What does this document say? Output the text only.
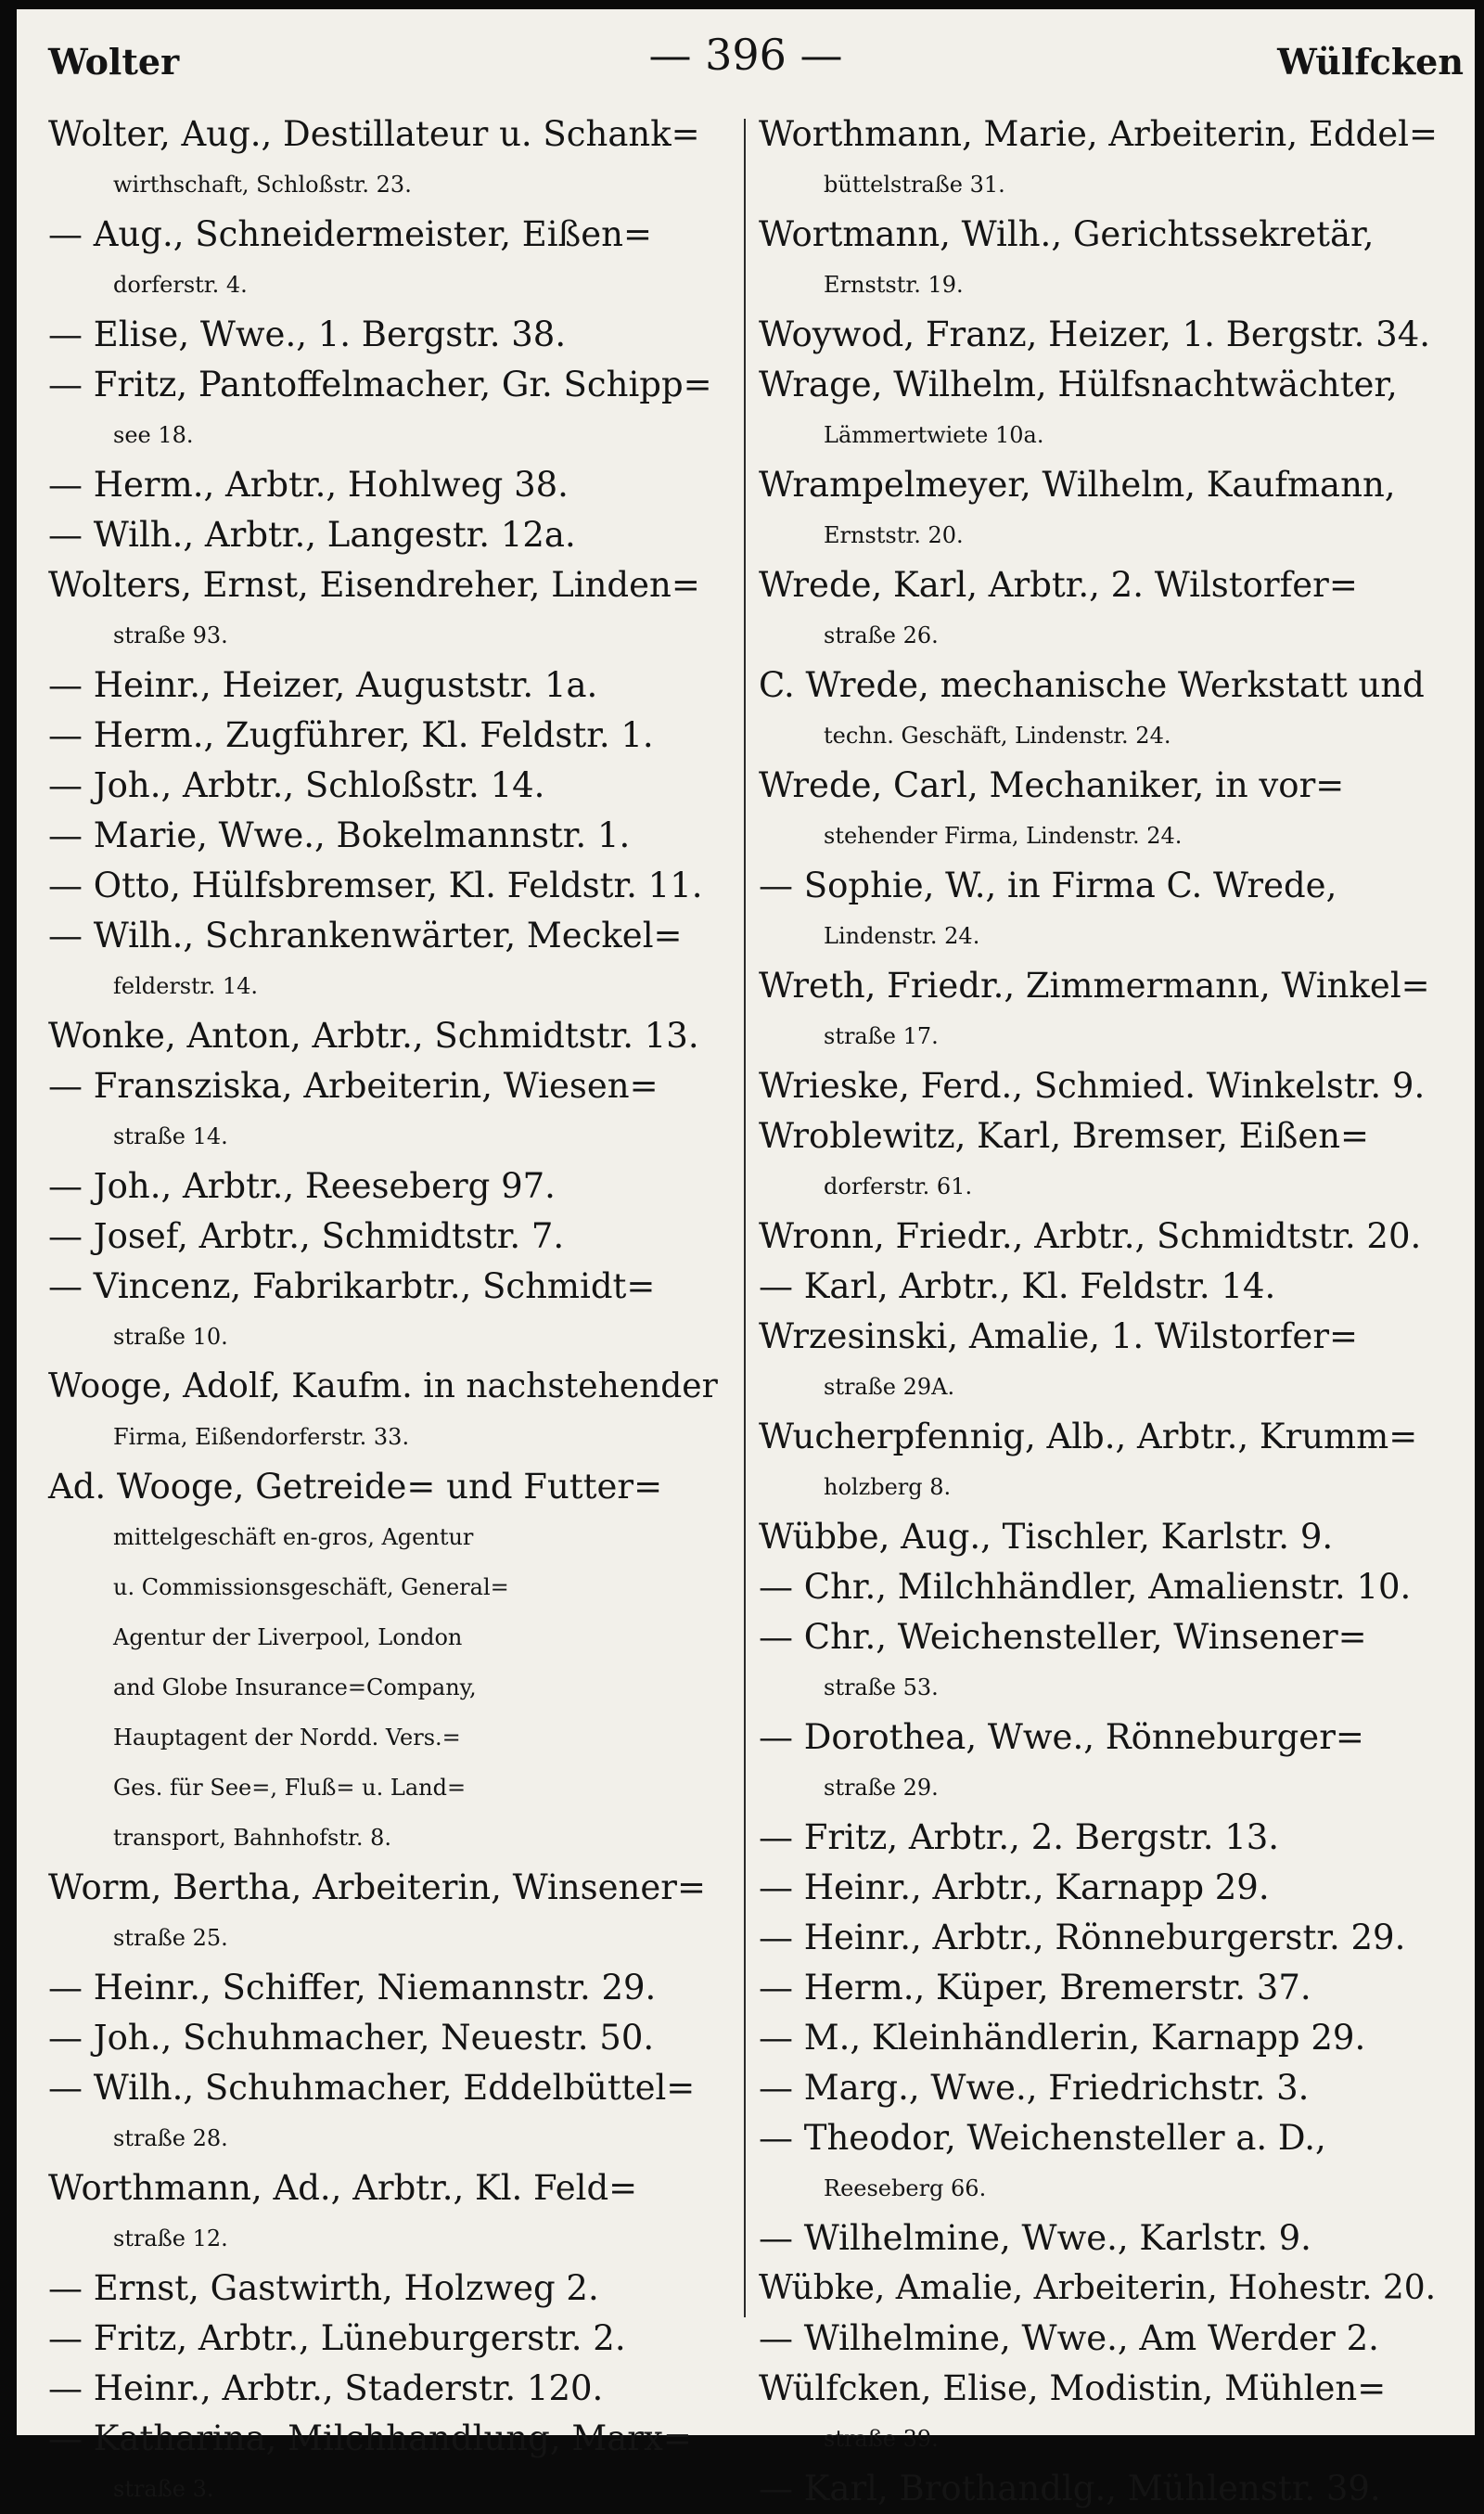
Wolter	— 396 —	Wülfcken

Wolter, Aug., Destillateur u. Schank=
wirthschaft, Schloßstr. 23.

— Aug., Schneidermeister, Eißen=
dorferstr. 4.

— Elise, Wwe., 1. Bergstr. 38.

— Fritz, Pantoffelmacher, Gr. Schipp=
see 18.

— Herm., Arbtr., Hohlweg 38.

— Wilh., Arbtr., Langestr. 12a.

Wolters, Ernst, Eisendreher, Linden=
straße 93.

— Heinr., Heizer, Auguststr. 1a.

— Herm., Zugführer, Kl. Feldstr. 1.

— Joh., Arbtr., Schloßstr. 14.

— Marie, Wwe., Bokelmannstr. 1.

— Otto, Hülfsbremser, Kl. Feldstr. 11.

— Wilh., Schrankenwärter, Meckel=
felderstr. 14.

Wonke, Anton, Arbtr., Schmidtstr. 13.

— Fransziska, Arbeiterin, Wiesen=
straße 14.

— Joh., Arbtr., Reeseberg 97.

— Josef, Arbtr., Schmidtstr. 7.

— Vincenz, Fabrikarbtr., Schmidt=
straße 10.

Wooge, Adolf, Kaufm. in nachstehender
Firma, Eißendorferstr. 33.

Ad. Wooge, Getreide= und Futter=
mittelgeschäft en-gros, Agentur
u. Commissionsgeschäft, General=
Agentur der Liverpool, London
and Globe Insurance=Company,
Hauptagent der Nordd. Vers.=
Ges. für See=, Fluß= u. Land=
transport, Bahnhofstr. 8.

Worm, Bertha, Arbeiterin, Winsener=
straße 25.

— Heinr., Schiffer, Niemannstr. 29.

— Joh., Schuhmacher, Neuestr. 50.

— Wilh., Schuhmacher, Eddelbüttel=
straße 28.

Worthmann, Ad., Arbtr., Kl. Feld=
straße 12.

— Ernst, Gastwirth, Holzweg 2.

— Fritz, Arbtr., Lüneburgerstr. 2.

— Heinr., Arbtr., Staderstr. 120.

— Katharina, Milchhandlung, Marx=
straße 3.

Worthmann, Marie, Arbeiterin, Eddel=
büttelstraße 31.

Wortmann, Wilh., Gerichtssekretär,
Ernststr. 19.

Woywod, Franz, Heizer, 1. Bergstr. 34.

Wrage, Wilhelm, Hülfsnachtwächter,
Lämmertwiete 10a.

Wrampelmeyer, Wilhelm, Kaufmann,
Ernststr. 20.

Wrede, Karl, Arbtr., 2. Wilstorfer=
straße 26.

C. Wrede, mechanische Werkstatt und
techn. Geschäft, Lindenstr. 24.

Wrede, Carl, Mechaniker, in vor=
stehender Firma, Lindenstr. 24.

— Sophie, W., in Firma C. Wrede,
Lindenstr. 24.

Wreth, Friedr., Zimmermann, Winkel=
straße 17.

Wrieske, Ferd., Schmied. Winkelstr. 9.

Wroblewitz, Karl, Bremser, Eißen=
dorferstr. 61.

Wronn, Friedr., Arbtr., Schmidtstr. 20.

— Karl, Arbtr., Kl. Feldstr. 14.

Wrzesinski, Amalie, 1. Wilstorfer=
straße 29A.

Wucherpfennig, Alb., Arbtr., Krumm=
holzberg 8.

Wübbe, Aug., Tischler, Karlstr. 9.

— Chr., Milchhändler, Amalienstr. 10.

— Chr., Weichensteller, Winsener=
straße 53.

— Dorothea, Wwe., Rönneburger=
straße 29.

— Fritz, Arbtr., 2. Bergstr. 13.

— Heinr., Arbtr., Karnapp 29.

— Heinr., Arbtr., Rönneburgerstr. 29.

— Herm., Küper, Bremerstr. 37.

— M., Kleinhändlerin, Karnapp 29.

— Marg., Wwe., Friedrichstr. 3.

— Theodor, Weichensteller a. D.,
Reeseberg 66.

— Wilhelmine, Wwe., Karlstr. 9.

Wübke, Amalie, Arbeiterin, Hohestr. 20.

— Wilhelmine, Wwe., Am Werder 2.

Wülfcken, Elise, Modistin, Mühlen=
straße 39.

— Karl, Brothandlg., Mühlenstr. 39.
